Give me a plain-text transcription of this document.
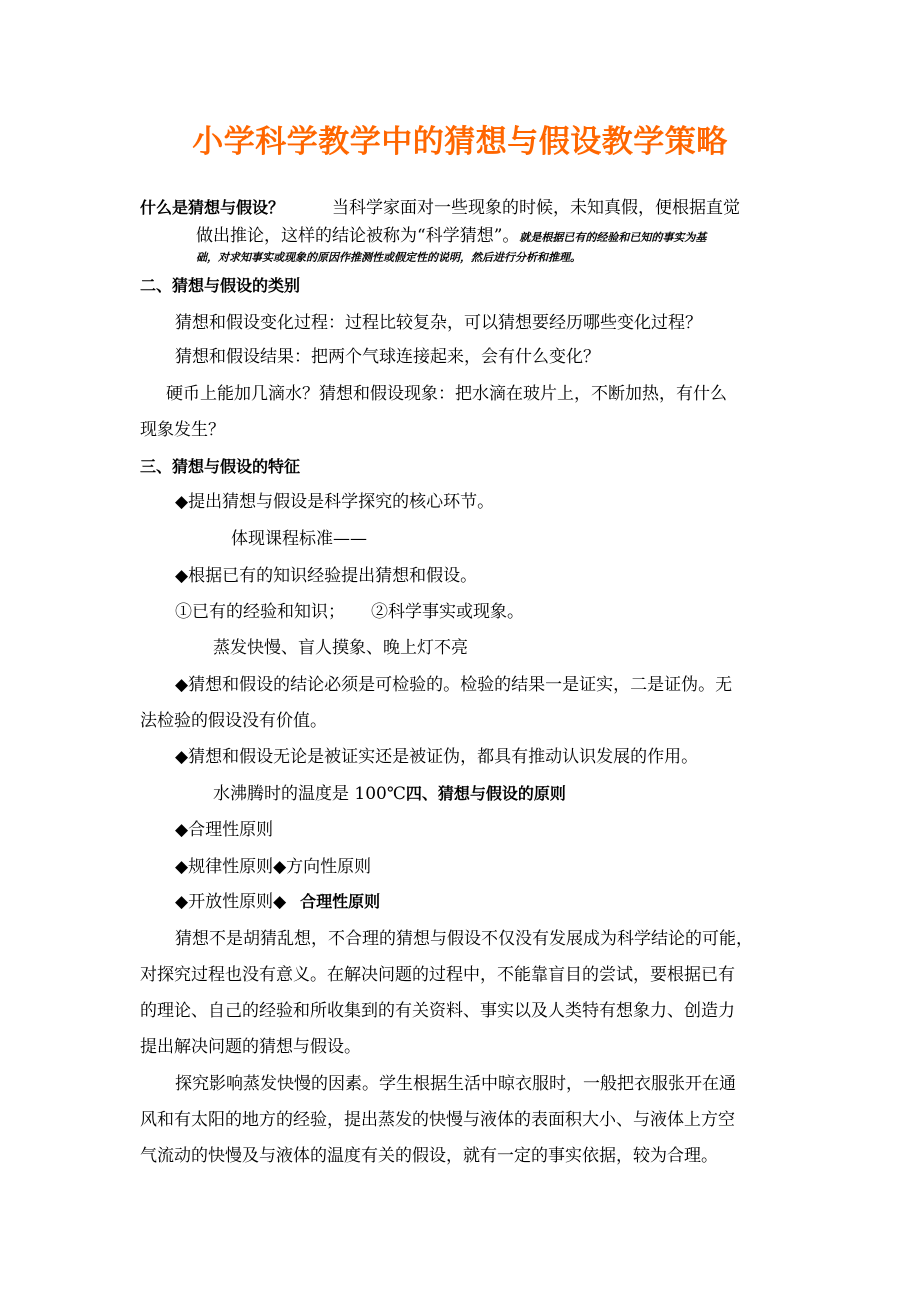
小学科学教学中的猜想与假设教学策略
什么是猜想与假设？	当科学家面对一些现象的时候，未知真假，便根据直觉
做出推论，这样的结论被称为“科学猜想”。就是根据已有的经验和已知的事实为基
础，对求知事实或现象的原因作推测性或假定性的说明，然后进行分析和推理。
二、猜想与假设的类别
猜想和假设变化过程：过程比较复杂，可以猜想要经历哪些变化过程？
猜想和假设结果：把两个气球连接起来，会有什么变化？
硬币上能加几滴水？猜想和假设现象：把水滴在玻片上，不断加热，有什么
现象发生？
三、猜想与假设的特征
◆提出猜想与假设是科学探究的核心环节。
体现课程标准——
◆根据已有的知识经验提出猜想和假设。
①已有的经验和知识； ②科学事实或现象。
蒸发快慢、盲人摸象、晚上灯不亮
◆猜想和假设的结论必须是可检验的。检验的结果一是证实，二是证伪。无
法检验的假设没有价值。
◆猜想和假设无论是被证实还是被证伪，都具有推动认识发展的作用。
水沸腾时的温度是 100℃四、猜想与假设的原则
◆合理性原则
◆规律性原则◆方向性原则
◆开放性原则◆ 合理性原则
猜想不是胡猜乱想，不合理的猜想与假设不仅没有发展成为科学结论的可能，
对探究过程也没有意义。在解决问题的过程中，不能靠盲目的尝试，要根据已有
的理论、自己的经验和所收集到的有关资料、事实以及人类特有想象力、创造力
提出解决问题的猜想与假设。
探究影响蒸发快慢的因素。学生根据生活中晾衣服时，一般把衣服张开在通
风和有太阳的地方的经验，提出蒸发的快慢与液体的表面积大小、与液体上方空
气流动的快慢及与液体的温度有关的假设，就有一定的事实依据，较为合理。
